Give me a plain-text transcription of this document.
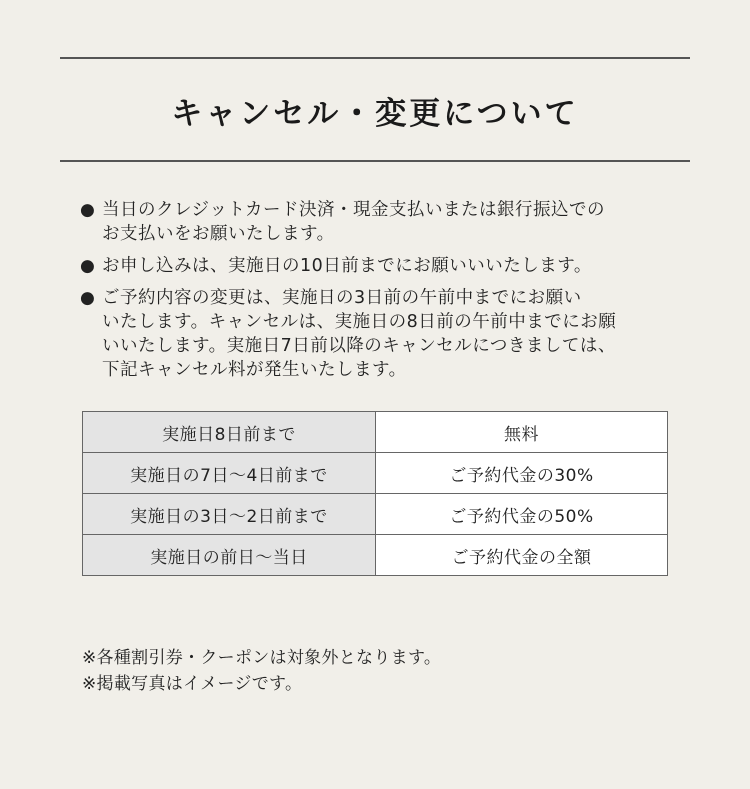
キャンセル・変更について
● 当日のクレジットカード決済・現金支払いまたは銀行振込での
お支払いをお願いたします。
● お申し込みは、実施日の10日前までにお願いいいたします。
● ご予約内容の変更は、実施日の3日前の午前中までにお願い
いたします。キャンセルは、実施日の8日前の午前中までにお願
いいたします。実施日7日前以降のキャンセルにつきましては、
下記キャンセル料が発生いたします。
実施日8日前まで	無料
実施日の7日～4日前まで	ご予約代金の30%
実施日の3日～2日前まで	ご予約代金の50%
実施日の前日～当日	ご予約代金の全額
※各種割引券・クーポンは対象外となります。
※掲載写真はイメージです。
